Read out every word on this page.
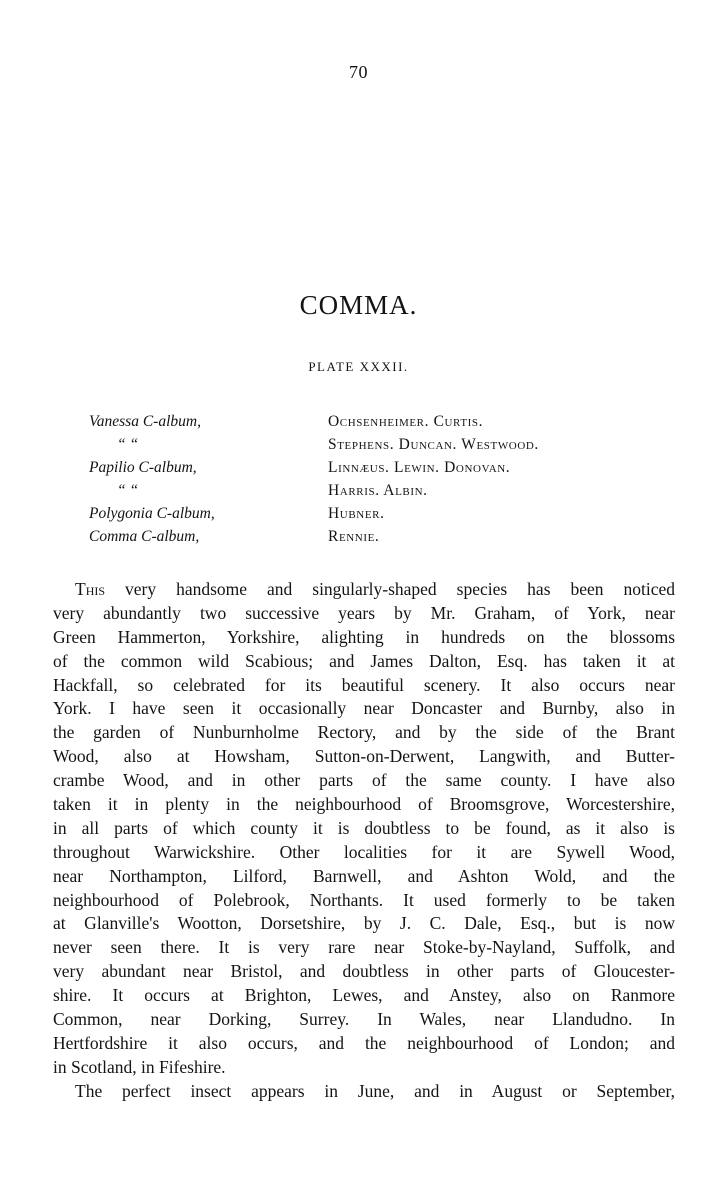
70
COMMA.
PLATE XXXII.
Vanessa C-album,	Ochsenheimer. Curtis.
“ “	Stephens. Duncan. Westwood.
Papilio C-album,	Linnæus. Lewin. Donovan.
“ “	Harris. Albin.
Polygonia C-album,	Hubner.
Comma C-album,	Rennie.
This very handsome and singularly-shaped species has been noticed
very abundantly two successive years by Mr. Graham, of York, near
Green Hammerton, Yorkshire, alighting in hundreds on the blossoms
of the common wild Scabious; and James Dalton, Esq. has taken it at
Hackfall, so celebrated for its beautiful scenery. It also occurs near
York. I have seen it occasionally near Doncaster and Burnby, also in
the garden of Nunburnholme Rectory, and by the side of the Brant
Wood, also at Howsham, Sutton-on-Derwent, Langwith, and Butter-
crambe Wood, and in other parts of the same county. I have also
taken it in plenty in the neighbourhood of Broomsgrove, Worcestershire,
in all parts of which county it is doubtless to be found, as it also is
throughout Warwickshire. Other localities for it are Sywell Wood,
near Northampton, Lilford, Barnwell, and Ashton Wold, and the
neighbourhood of Polebrook, Northants. It used formerly to be taken
at Glanville's Wootton, Dorsetshire, by J. C. Dale, Esq., but is now
never seen there. It is very rare near Stoke-by-Nayland, Suffolk, and
very abundant near Bristol, and doubtless in other parts of Gloucester-
shire. It occurs at Brighton, Lewes, and Anstey, also on Ranmore
Common, near Dorking, Surrey. In Wales, near Llandudno. In
Hertfordshire it also occurs, and the neighbourhood of London; and
in Scotland, in Fifeshire.
The perfect insect appears in June, and in August or September,
